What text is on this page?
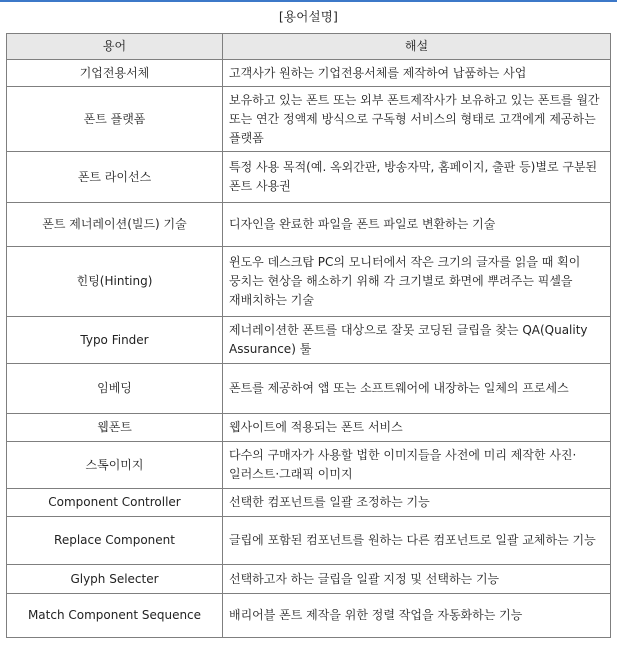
[용어설명]
용어	해설
기업전용서체	고객사가 원하는 기업전용서체를 제작하여 납품하는 사업
폰트 플랫폼	보유하고 있는 폰트 또는 외부 폰트제작사가 보유하고 있는 폰트를 월간 또는 연간 정액제 방식으로 구독형 서비스의 형태로 고객에게 제공하는 플랫폼
폰트 라이선스	특정 사용 목적(예. 옥외간판, 방송자막, 홈페이지, 출판 등)별로 구분된 폰트 사용권
폰트 제너레이션(빌드) 기술	디자인을 완료한 파일을 폰트 파일로 변환하는 기술
힌팅(Hinting)	윈도우 데스크탑 PC의 모니터에서 작은 크기의 글자를 읽을 때 획이 뭉치는 현상을 해소하기 위해 각 크기별로 화면에 뿌려주는 픽셀을 재배치하는 기술
Typo Finder	제너레이션한 폰트를 대상으로 잘못 코딩된 글립을 찾는 QA(Quality Assurance) 툴
임베딩	폰트를 제공하여 앱 또는 소프트웨어에 내장하는 일체의 프로세스
웹폰트	웹사이트에 적용되는 폰트 서비스
스톡이미지	다수의 구매자가 사용할 법한 이미지들을 사전에 미리 제작한 사진·일러스트·그래픽 이미지
Component Controller	선택한 컴포넌트를 일괄 조정하는 기능
Replace Component	글립에 포함된 컴포넌트를 원하는 다른 컴포넌트로 일괄 교체하는 기능
Glyph Selecter	선택하고자 하는 글립을 일괄 지정 및 선택하는 기능
Match Component Sequence	배리어블 폰트 제작을 위한 정렬 작업을 자동화하는 기능
